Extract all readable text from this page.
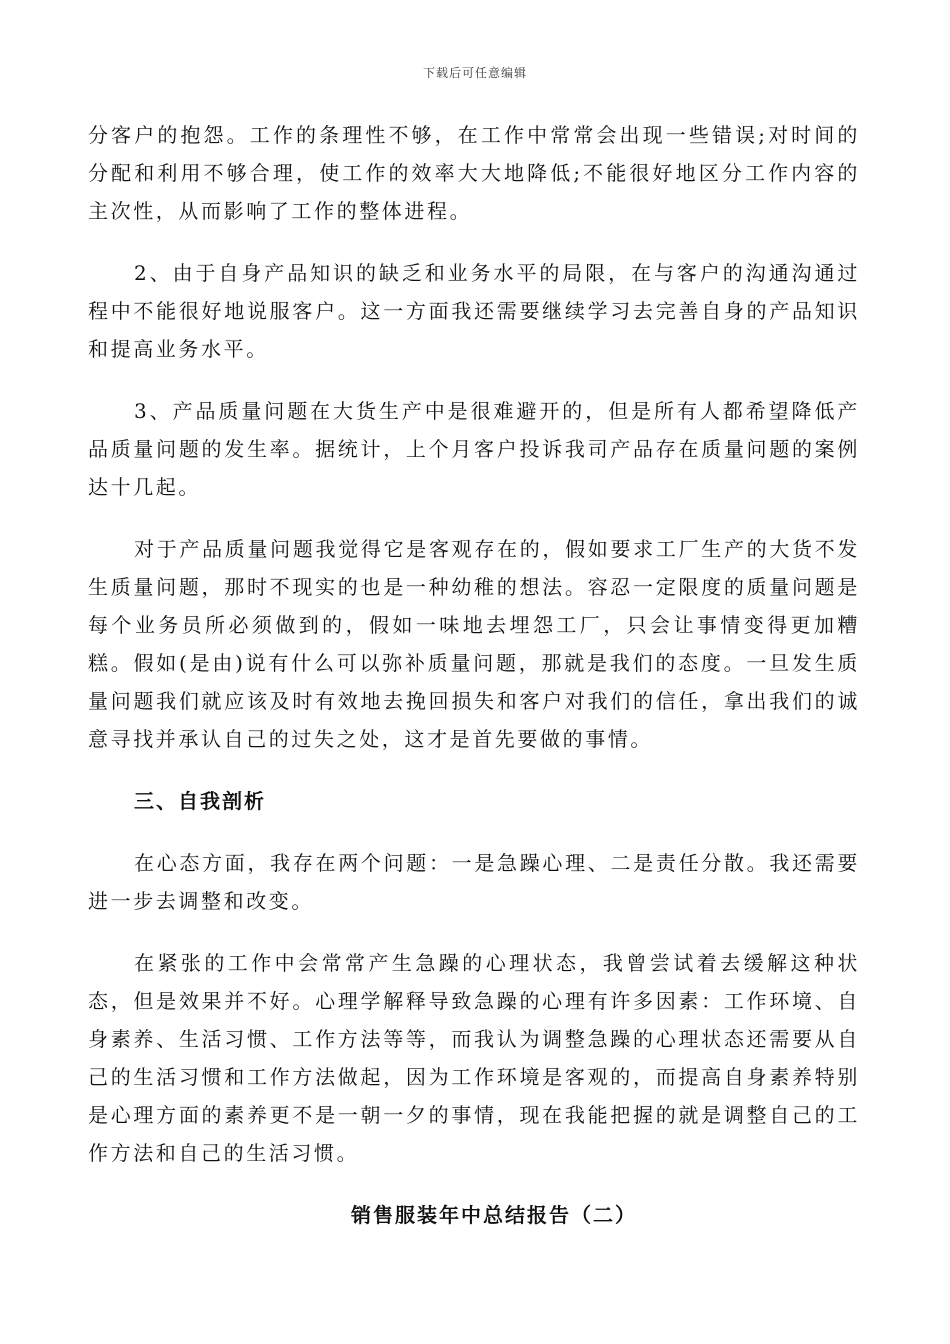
下载后可任意编辑

分客户的抱怨。工作的条理性不够，在工作中常常会出现一些错误;对时间的分配和利用不够合理，使工作的效率大大地降低;不能很好地区分工作内容的主次性，从而影响了工作的整体进程。

2、由于自身产品知识的缺乏和业务水平的局限，在与客户的沟通沟通过程中不能很好地说服客户。这一方面我还需要继续学习去完善自身的产品知识和提高业务水平。

3、产品质量问题在大货生产中是很难避开的，但是所有人都希望降低产品质量问题的发生率。据统计，上个月客户投诉我司产品存在质量问题的案例达十几起。

对于产品质量问题我觉得它是客观存在的，假如要求工厂生产的大货不发生质量问题，那时不现实的也是一种幼稚的想法。容忍一定限度的质量问题是每个业务员所必须做到的，假如一味地去埋怨工厂，只会让事情变得更加糟糕。假如(是由)说有什么可以弥补质量问题，那就是我们的态度。一旦发生质量问题我们就应该及时有效地去挽回损失和客户对我们的信任，拿出我们的诚意寻找并承认自己的过失之处，这才是首先要做的事情。

三、自我剖析

在心态方面，我存在两个问题：一是急躁心理、二是责任分散。我还需要进一步去调整和改变。

在紧张的工作中会常常产生急躁的心理状态，我曾尝试着去缓解这种状态，但是效果并不好。心理学解释导致急躁的心理有许多因素：工作环境、自身素养、生活习惯、工作方法等等，而我认为调整急躁的心理状态还需要从自己的生活习惯和工作方法做起，因为工作环境是客观的，而提高自身素养特别是心理方面的素养更不是一朝一夕的事情，现在我能把握的就是调整自己的工作方法和自己的生活习惯。

销售服装年中总结报告（二）
